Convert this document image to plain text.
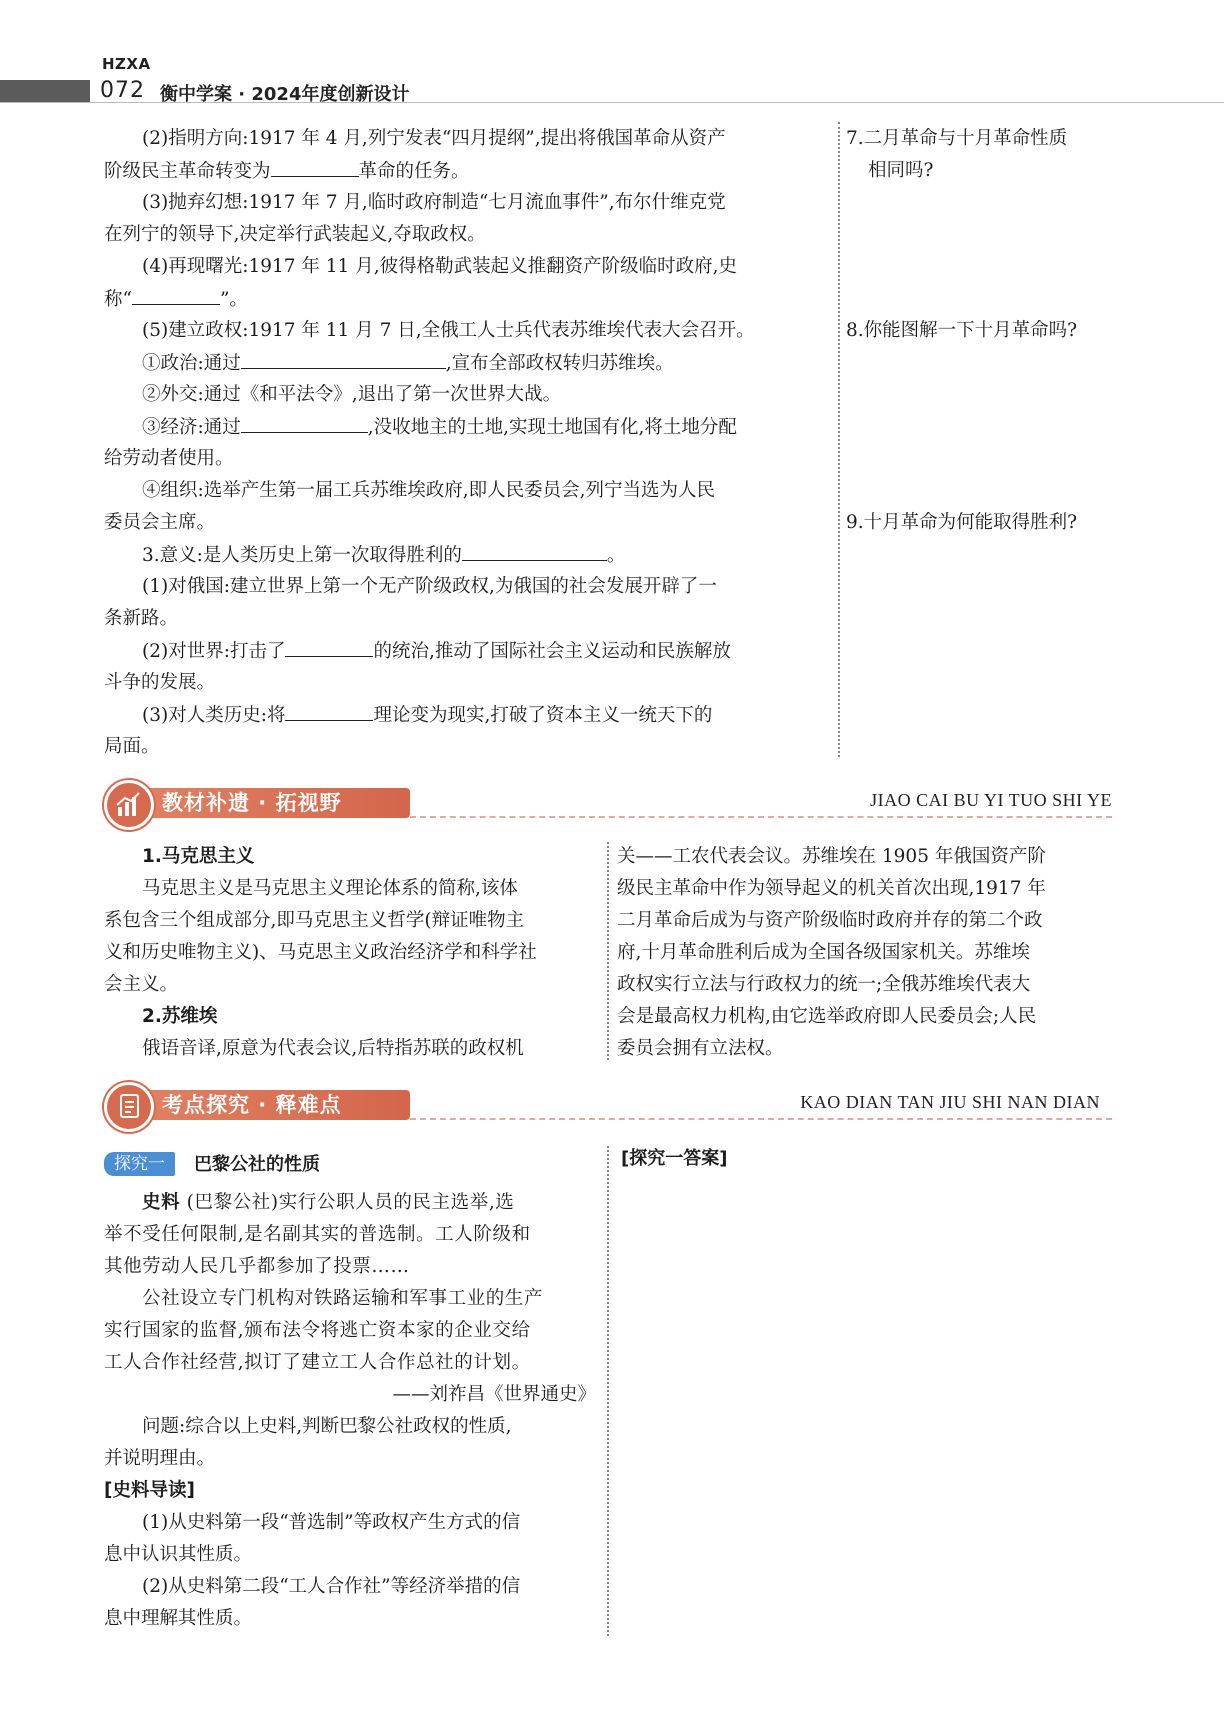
HZXA
072 衡中学案 · 2024年度创新设计
(2)指明方向:1917 年 4 月,列宁发表“四月提纲”,提出将俄国革命从资产
阶级民主革命转变为	革命的任务。
(3)抛弃幻想:1917 年 7 月,临时政府制造“七月流血事件”,布尔什维克党
在列宁的领导下,决定举行武装起义,夺取政权。
(4)再现曙光:1917 年 11 月,彼得格勒武装起义推翻资产阶级临时政府,史
称“	”。
(5)建立政权:1917 年 11 月 7 日,全俄工人士兵代表苏维埃代表大会召开。
①政治:通过	,宣布全部政权转归苏维埃。
②外交:通过《和平法令》,退出了第一次世界大战。
③经济:通过	,没收地主的土地,实现土地国有化,将土地分配
给劳动者使用。
④组织:选举产生第一届工兵苏维埃政府,即人民委员会,列宁当选为人民
委员会主席。
3.意义:是人类历史上第一次取得胜利的	。
(1)对俄国:建立世界上第一个无产阶级政权,为俄国的社会发展开辟了一
条新路。
(2)对世界:打击了	的统治,推动了国际社会主义运动和民族解放
斗争的发展。
(3)对人类历史:将	理论变为现实,打破了资本主义一统天下的
局面。
7.二月革命与十月革命性质
相同吗?
8.你能图解一下十月革命吗?
9.十月革命为何能取得胜利?
教材补遗 · 拓视野	JIAO CAI BU YI TUO SHI YE
1.马克思主义
马克思主义是马克思主义理论体系的简称,该体
系包含三个组成部分,即马克思主义哲学(辩证唯物主
义和历史唯物主义)、马克思主义政治经济学和科学社
会主义。
2.苏维埃
俄语音译,原意为代表会议,后特指苏联的政权机
关——工农代表会议。苏维埃在 1905 年俄国资产阶
级民主革命中作为领导起义的机关首次出现,1917 年
二月革命后成为与资产阶级临时政府并存的第二个政
府,十月革命胜利后成为全国各级国家机关。苏维埃
政权实行立法与行政权力的统一;全俄苏维埃代表大
会是最高权力机构,由它选举政府即人民委员会;人民
委员会拥有立法权。
考点探究 · 释难点	KAO DIAN TAN JIU SHI NAN DIAN
探究一	巴黎公社的性质	[探究一答案]
史料 (巴黎公社)实行公职人员的民主选举,选
举不受任何限制,是名副其实的普选制。工人阶级和
其他劳动人民几乎都参加了投票……
公社设立专门机构对铁路运输和军事工业的生产
实行国家的监督,颁布法令将逃亡资本家的企业交给
工人合作社经营,拟订了建立工人合作总社的计划。
——刘祚昌《世界通史》
问题:综合以上史料,判断巴黎公社政权的性质,
并说明理由。
[史料导读]
(1)从史料第一段“普选制”等政权产生方式的信
息中认识其性质。
(2)从史料第二段“工人合作社”等经济举措的信
息中理解其性质。
